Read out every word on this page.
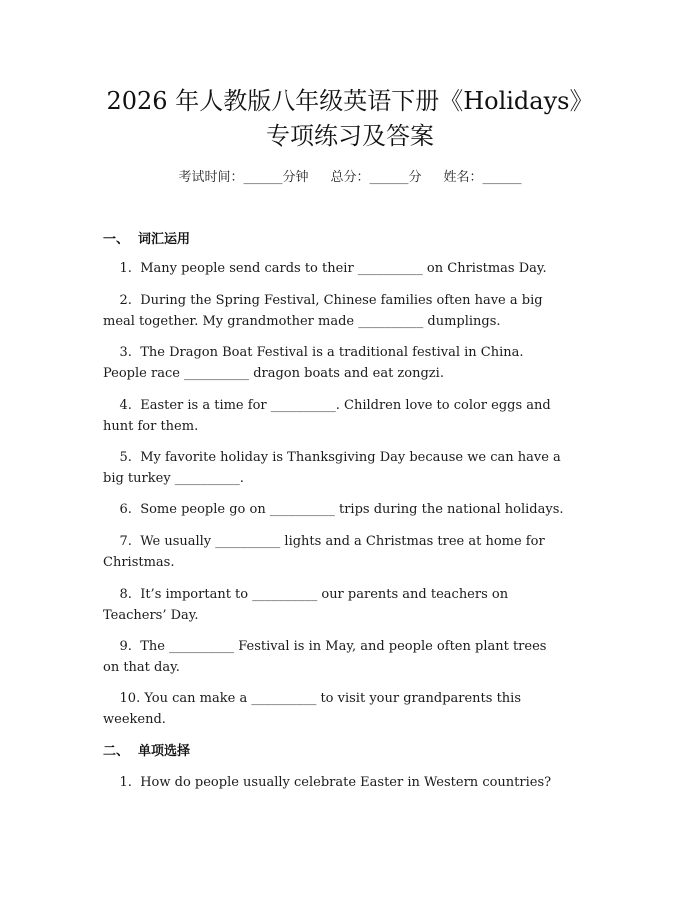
2026 年人教版八年级英语下册《Holidays》
专项练习及答案
考试时间：______分钟 总分：______分 姓名：______
一、 词汇运用
1.  Many people send cards to their __________ on Christmas Day.
2.  During the Spring Festival, Chinese families often have a big
meal together. My grandmother made __________ dumplings.
3.  The Dragon Boat Festival is a traditional festival in China.
People race __________ dragon boats and eat zongzi.
4.  Easter is a time for __________. Children love to color eggs and
hunt for them.
5.  My favorite holiday is Thanksgiving Day because we can have a
big turkey __________.
6.  Some people go on __________ trips during the national holidays.
7.  We usually __________ lights and a Christmas tree at home for
Christmas.
8.  It’s important to __________ our parents and teachers on
Teachers’ Day.
9.  The __________ Festival is in May, and people often plant trees
on that day.
10. You can make a __________ to visit your grandparents this
weekend.
二、 单项选择
1.  How do people usually celebrate Easter in Western countries?
